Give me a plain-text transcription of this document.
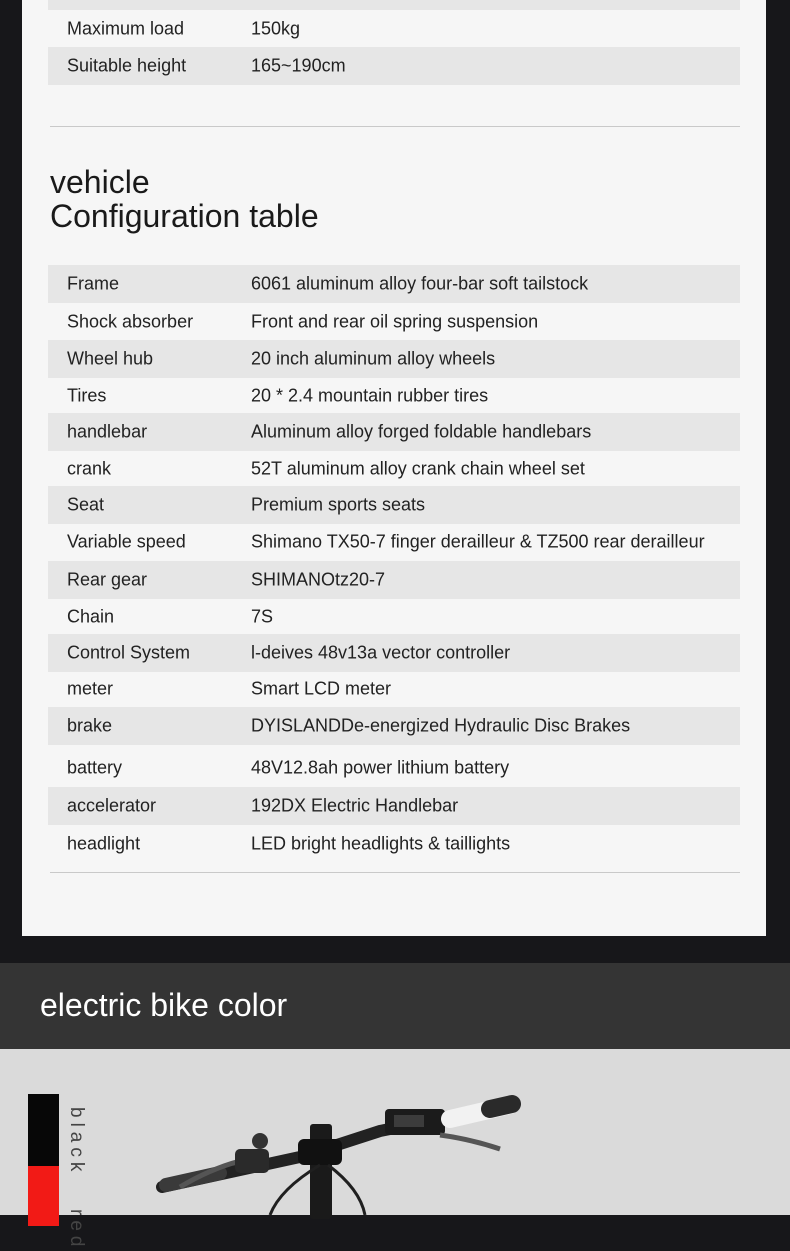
Maximum load	150kg
Suitable height	165~190cm
vehicle
Configuration table
Frame	6061 aluminum alloy four-bar soft tailstock
Shock absorber	Front and rear oil spring suspension
Wheel hub	20 inch aluminum alloy wheels
Tires	20 * 2.4 mountain rubber tires
handlebar	Aluminum alloy forged foldable handlebars
crank	52T aluminum alloy crank chain wheel set
Seat	Premium sports seats
Variable speed	Shimano TX50-7 finger derailleur & TZ500 rear derailleur
Rear gear	SHIMANOtz20-7
Chain	7S
Control System	l-deives 48v13a vector controller
meter	Smart LCD meter
brake	DYISLANDDe-energized Hydraulic Disc Brakes
battery	48V12.8ah power lithium battery
accelerator	192DX Electric Handlebar
headlight	LED bright headlights & taillights
electric bike color
black red
